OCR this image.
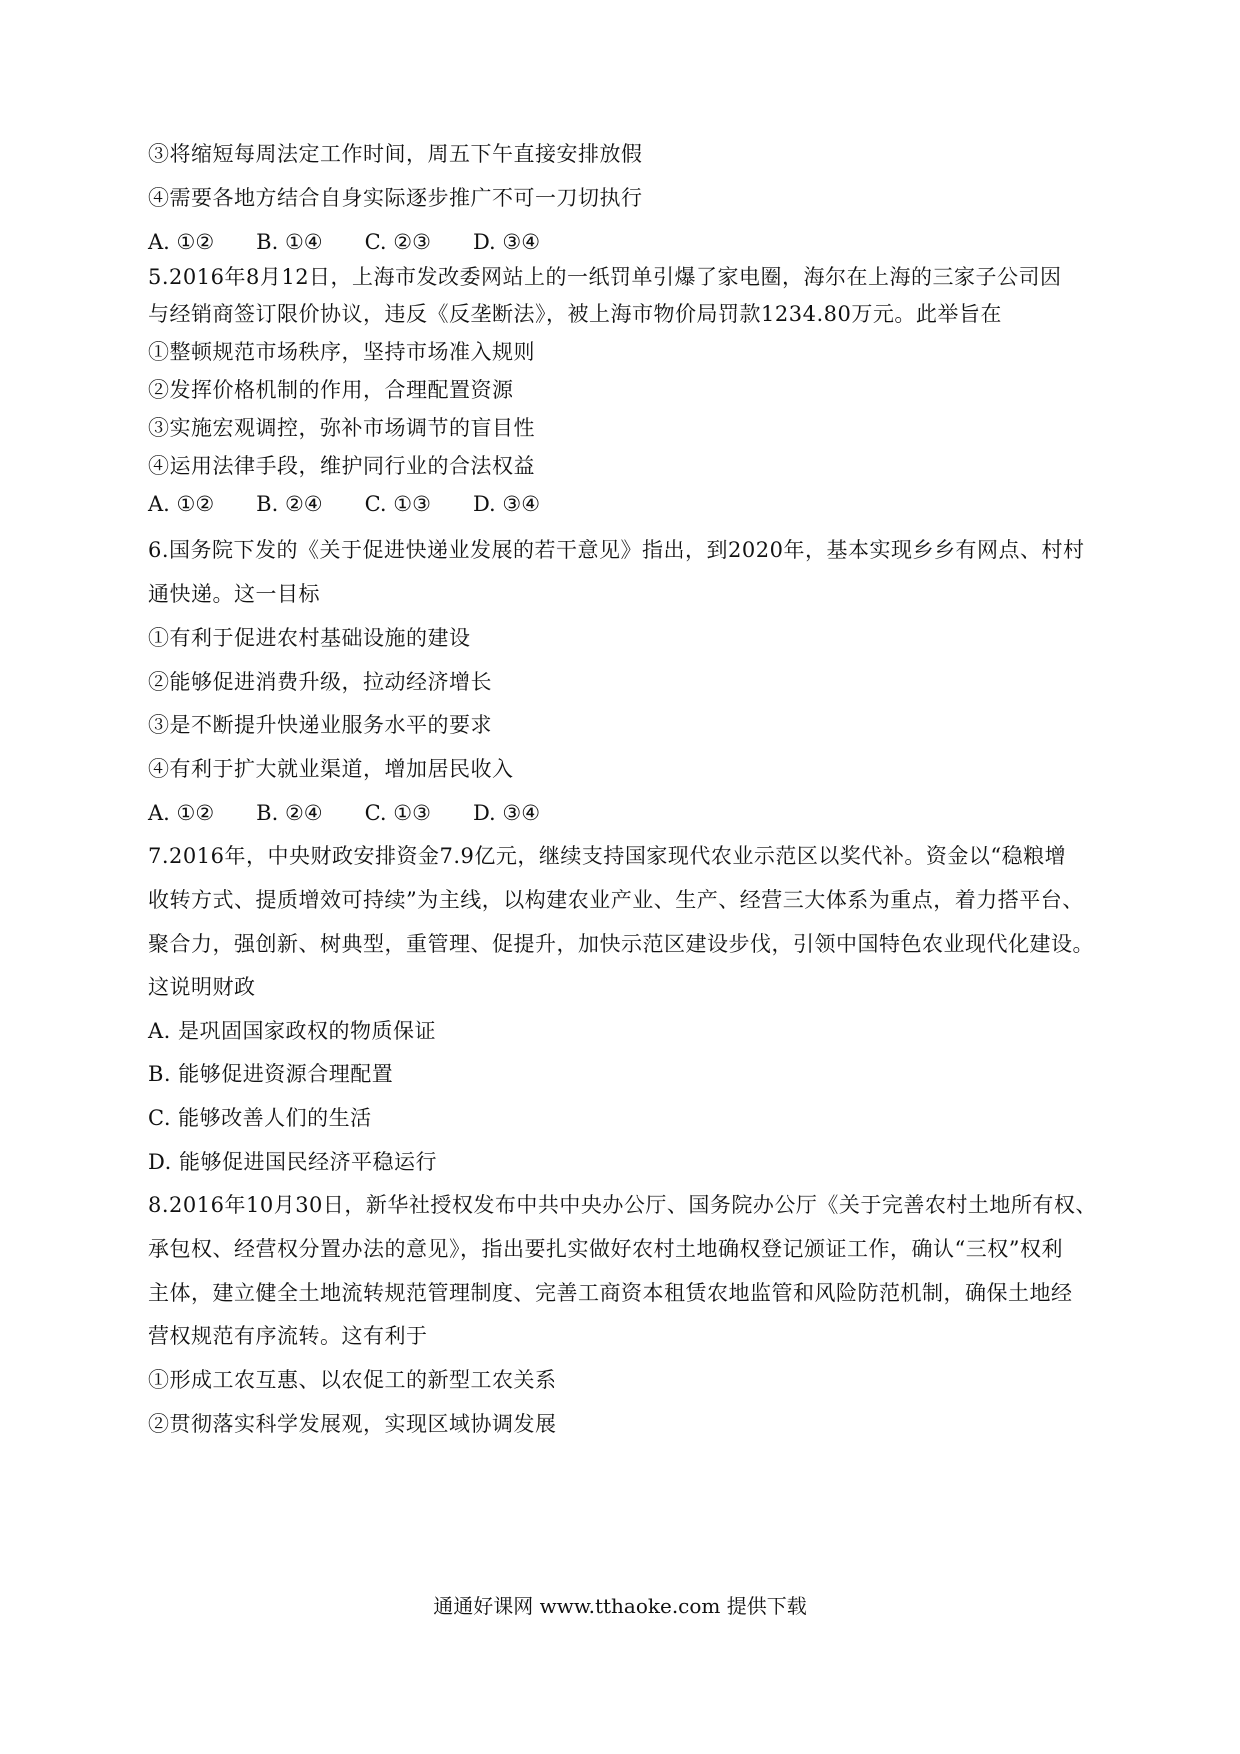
③将缩短每周法定工作时间，周五下午直接安排放假
④需要各地方结合自身实际逐步推广不可一刀切执行
A. ①② B. ①④ C. ②③ D. ③④
5.2016年8月12日，上海市发改委网站上的一纸罚单引爆了家电圈，海尔在上海的三家子公司因
与经销商签订限价协议，违反《反垄断法》，被上海市物价局罚款1234.80万元。此举旨在
①整顿规范市场秩序，坚持市场准入规则
②发挥价格机制的作用，合理配置资源
③实施宏观调控，弥补市场调节的盲目性
④运用法律手段，维护同行业的合法权益
A. ①② B. ②④ C. ①③ D. ③④
6.国务院下发的《关于促进快递业发展的若干意见》指出，到2020年，基本实现乡乡有网点、村村
通快递。这一目标
①有利于促进农村基础设施的建设
②能够促进消费升级，拉动经济增长
③是不断提升快递业服务水平的要求
④有利于扩大就业渠道，增加居民收入
A. ①② B. ②④ C. ①③ D. ③④
7.2016年，中央财政安排资金7.9亿元，继续支持国家现代农业示范区以奖代补。资金以“稳粮增
收转方式、提质增效可持续”为主线，以构建农业产业、生产、经营三大体系为重点，着力搭平台、
聚合力，强创新、树典型，重管理、促提升，加快示范区建设步伐，引领中国特色农业现代化建设。
这说明财政
A. 是巩固国家政权的物质保证
B. 能够促进资源合理配置
C. 能够改善人们的生活
D. 能够促进国民经济平稳运行
8.2016年10月30日，新华社授权发布中共中央办公厅、国务院办公厅《关于完善农村土地所有权、
承包权、经营权分置办法的意见》，指出要扎实做好农村土地确权登记颁证工作，确认“三权”权利
主体，建立健全土地流转规范管理制度、完善工商资本租赁农地监管和风险防范机制，确保土地经
营权规范有序流转。这有利于
①形成工农互惠、以农促工的新型工农关系
②贯彻落实科学发展观，实现区域协调发展
通通好课网 www.tthaoke.com 提供下载
